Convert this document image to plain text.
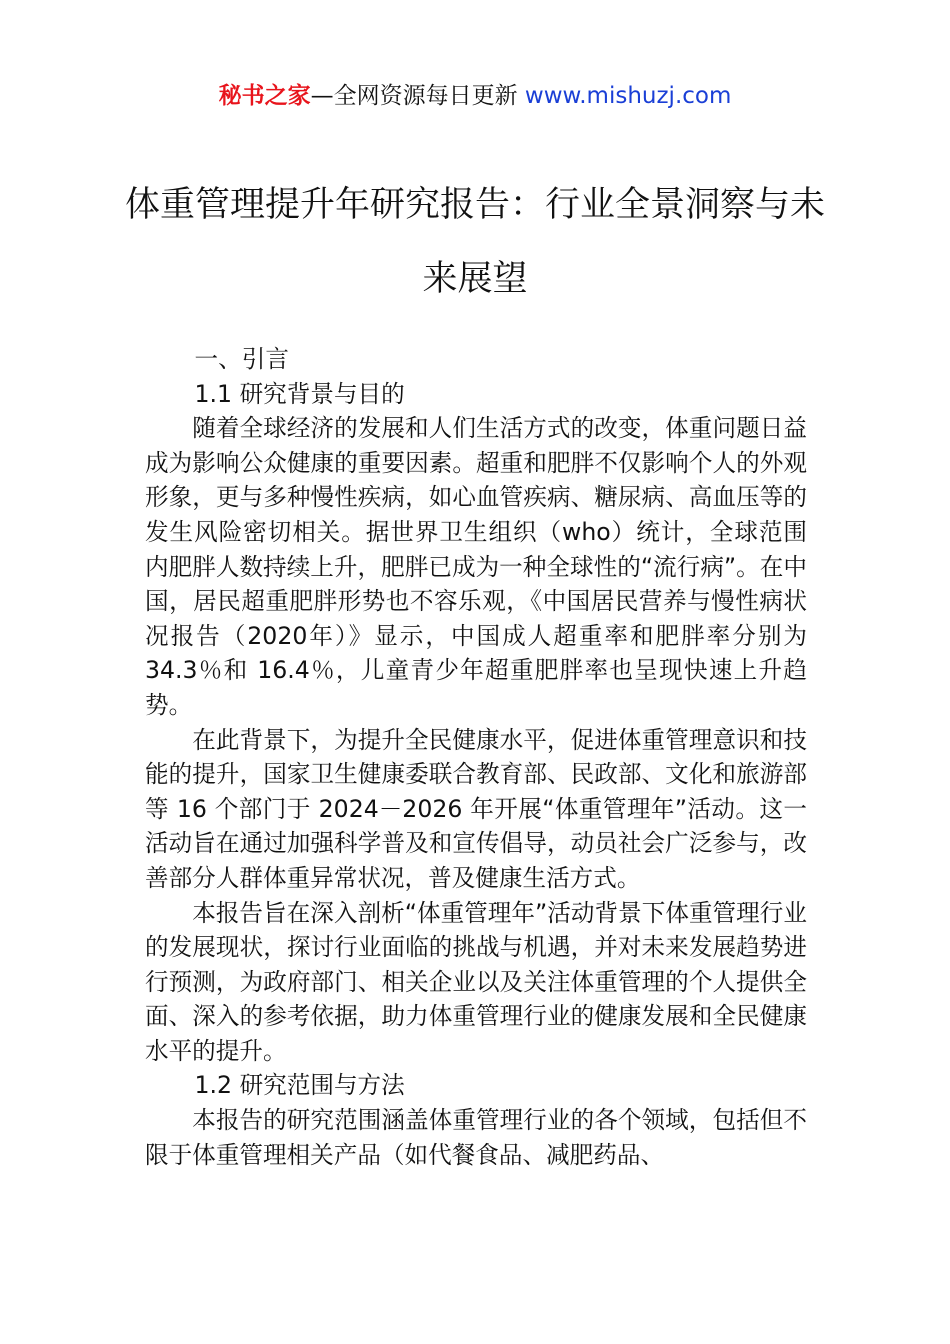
秘书之家—全网资源每日更新 www.mishuzj.com
体重管理提升年研究报告：行业全景洞察与未来展望

一、引言

1.1 研究背景与目的

随着全球经济的发展和人们生活方式的改变，体重问题日益成为影响公众健康的重要因素。超重和肥胖不仅影响个人的外观形象，更与多种慢性疾病，如心血管疾病、糖尿病、高血压等的发生风险密切相关。据世界卫生组织（who）统计，全球范围内肥胖人数持续上升，肥胖已成为一种全球性的“流行病”。在中国，居民超重肥胖形势也不容乐观，《中国居民营养与慢性病状况报告（2020年）》显示，中国成人超重率和肥胖率分别为 34.3％和 16.4％，儿童青少年超重肥胖率也呈现快速上升趋势。

在此背景下，为提升全民健康水平，促进体重管理意识和技能的提升，国家卫生健康委联合教育部、民政部、文化和旅游部等 16 个部门于 2024－2026 年开展“体重管理年”活动。这一活动旨在通过加强科学普及和宣传倡导，动员社会广泛参与，改善部分人群体重异常状况，普及健康生活方式。

本报告旨在深入剖析“体重管理年”活动背景下体重管理行业的发展现状，探讨行业面临的挑战与机遇，并对未来发展趋势进行预测，为政府部门、相关企业以及关注体重管理的个人提供全面、深入的参考依据，助力体重管理行业的健康发展和全民健康水平的提升。

1.2 研究范围与方法

本报告的研究范围涵盖体重管理行业的各个领域，包括但不限于体重管理相关产品（如代餐食品、减肥药品、
